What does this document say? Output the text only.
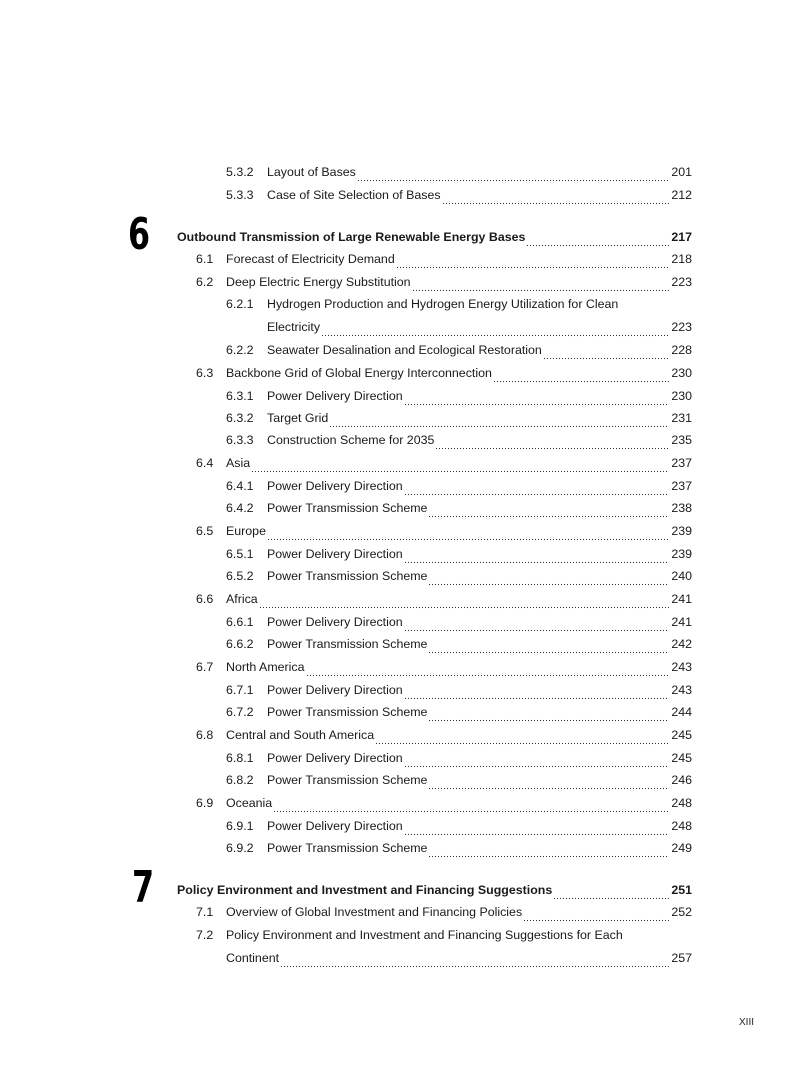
5.3.2 Layout of Bases	201
5.3.3 Case of Site Selection of Bases	212
6 Outbound Transmission of Large Renewable Energy Bases	217
6.1 Forecast of Electricity Demand	218
6.2 Deep Electric Energy Substitution	223
6.2.1 Hydrogen Production and Hydrogen Energy Utilization for Clean
Electricity	223
6.2.2 Seawater Desalination and Ecological Restoration	228
6.3 Backbone Grid of Global Energy Interconnection	230
6.3.1 Power Delivery Direction	230
6.3.2 Target Grid	231
6.3.3 Construction Scheme for 2035	235
6.4 Asia	237
6.4.1 Power Delivery Direction	237
6.4.2 Power Transmission Scheme	238
6.5 Europe	239
6.5.1 Power Delivery Direction	239
6.5.2 Power Transmission Scheme	240
6.6 Africa	241
6.6.1 Power Delivery Direction	241
6.6.2 Power Transmission Scheme	242
6.7 North America	243
6.7.1 Power Delivery Direction	243
6.7.2 Power Transmission Scheme	244
6.8 Central and South America	245
6.8.1 Power Delivery Direction	245
6.8.2 Power Transmission Scheme	246
6.9 Oceania	248
6.9.1 Power Delivery Direction	248
6.9.2 Power Transmission Scheme	249
7 Policy Environment and Investment and Financing Suggestions	251
7.1 Overview of Global Investment and Financing Policies	252
7.2 Policy Environment and Investment and Financing Suggestions for Each
Continent	257
XIII
